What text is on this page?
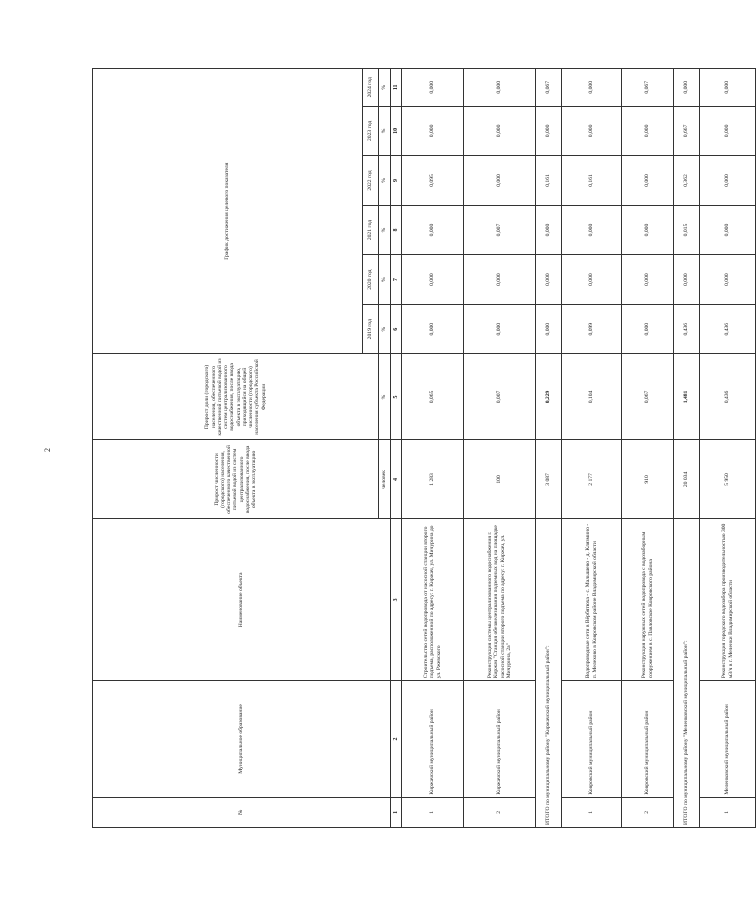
2
№	Муниципальное образование	Наименование объекта	Прирост численности (городского) населения, обеспеченного качественной питьевой водой из систем централизованного водоснабжения, после ввода объекта в эксплуатацию	Прирост доли (городского) населения, обеспеченного качественной питьевой водой из систем централизованного водоснабжения, после ввода объекта в эксплуатацию, приходящийся на общей численности (городского) населения субъекта Российской Федерации	График достижения целевого показателя					
					2019 год	2020 год	2021 год	2022 год	2023 год	2024 год
			человек	%	%	%	%	%	%	%
1	2	3	4	5	6	7	8	9	10	11
1	Киржачский муниципальный район	Строительство сетей водопровода от насосной станции второго подъема, расположенной по адресу: г. Киржач, ул. Мичурина до ул. Ржевского	1 283	0,065	0,000	0,000	0,000	0,095	0,000	0,000
2	Киржачский муниципальный район	Реконструкция системы централизованного водоснабжения г. Киржач "Станция обезжелезивания подземных вод на площадке насосной станции второго подъема по адресу: г. Киржач, ул. Мичурина, 2а"	100	0,007	0,000	0,000	0,007	0,000	0,000	0,000
ИТОГО по муниципальному району "Киржачский муниципальный район":			3 087	0,229	0,000	0,000	0,000	0,161	0,000	0,067
1	Ковровский муниципальный район	Водопроводные сети в Вёрбятюха - с. Малышево - д. Клязмино - п. Мелехово в Ковровском районе Владимирской области	2 177	0,104	0,099	0,000	0,000	0,161	0,000	0,000
2	Ковровский муниципальный район	Реконструкция наружных сетей водопровода с водозаборным сооружением в с. Павловское Ковровского района	910	0,067	0,000	0,000	0,000	0,000	0,000	0,067
ИТОГО по муниципальному району "Меленковский муниципальный район":			20 034	1,481	0,436	0,000	0,015	0,362	0,667	0,000
1	Меленковский муниципальный район	Реконструкция городского водозабора производительностью 300 м3/ч в г. Меленки Владимирской области	5 950	0,436	0,436	0,000	0,000	0,000	0,000	0,000
